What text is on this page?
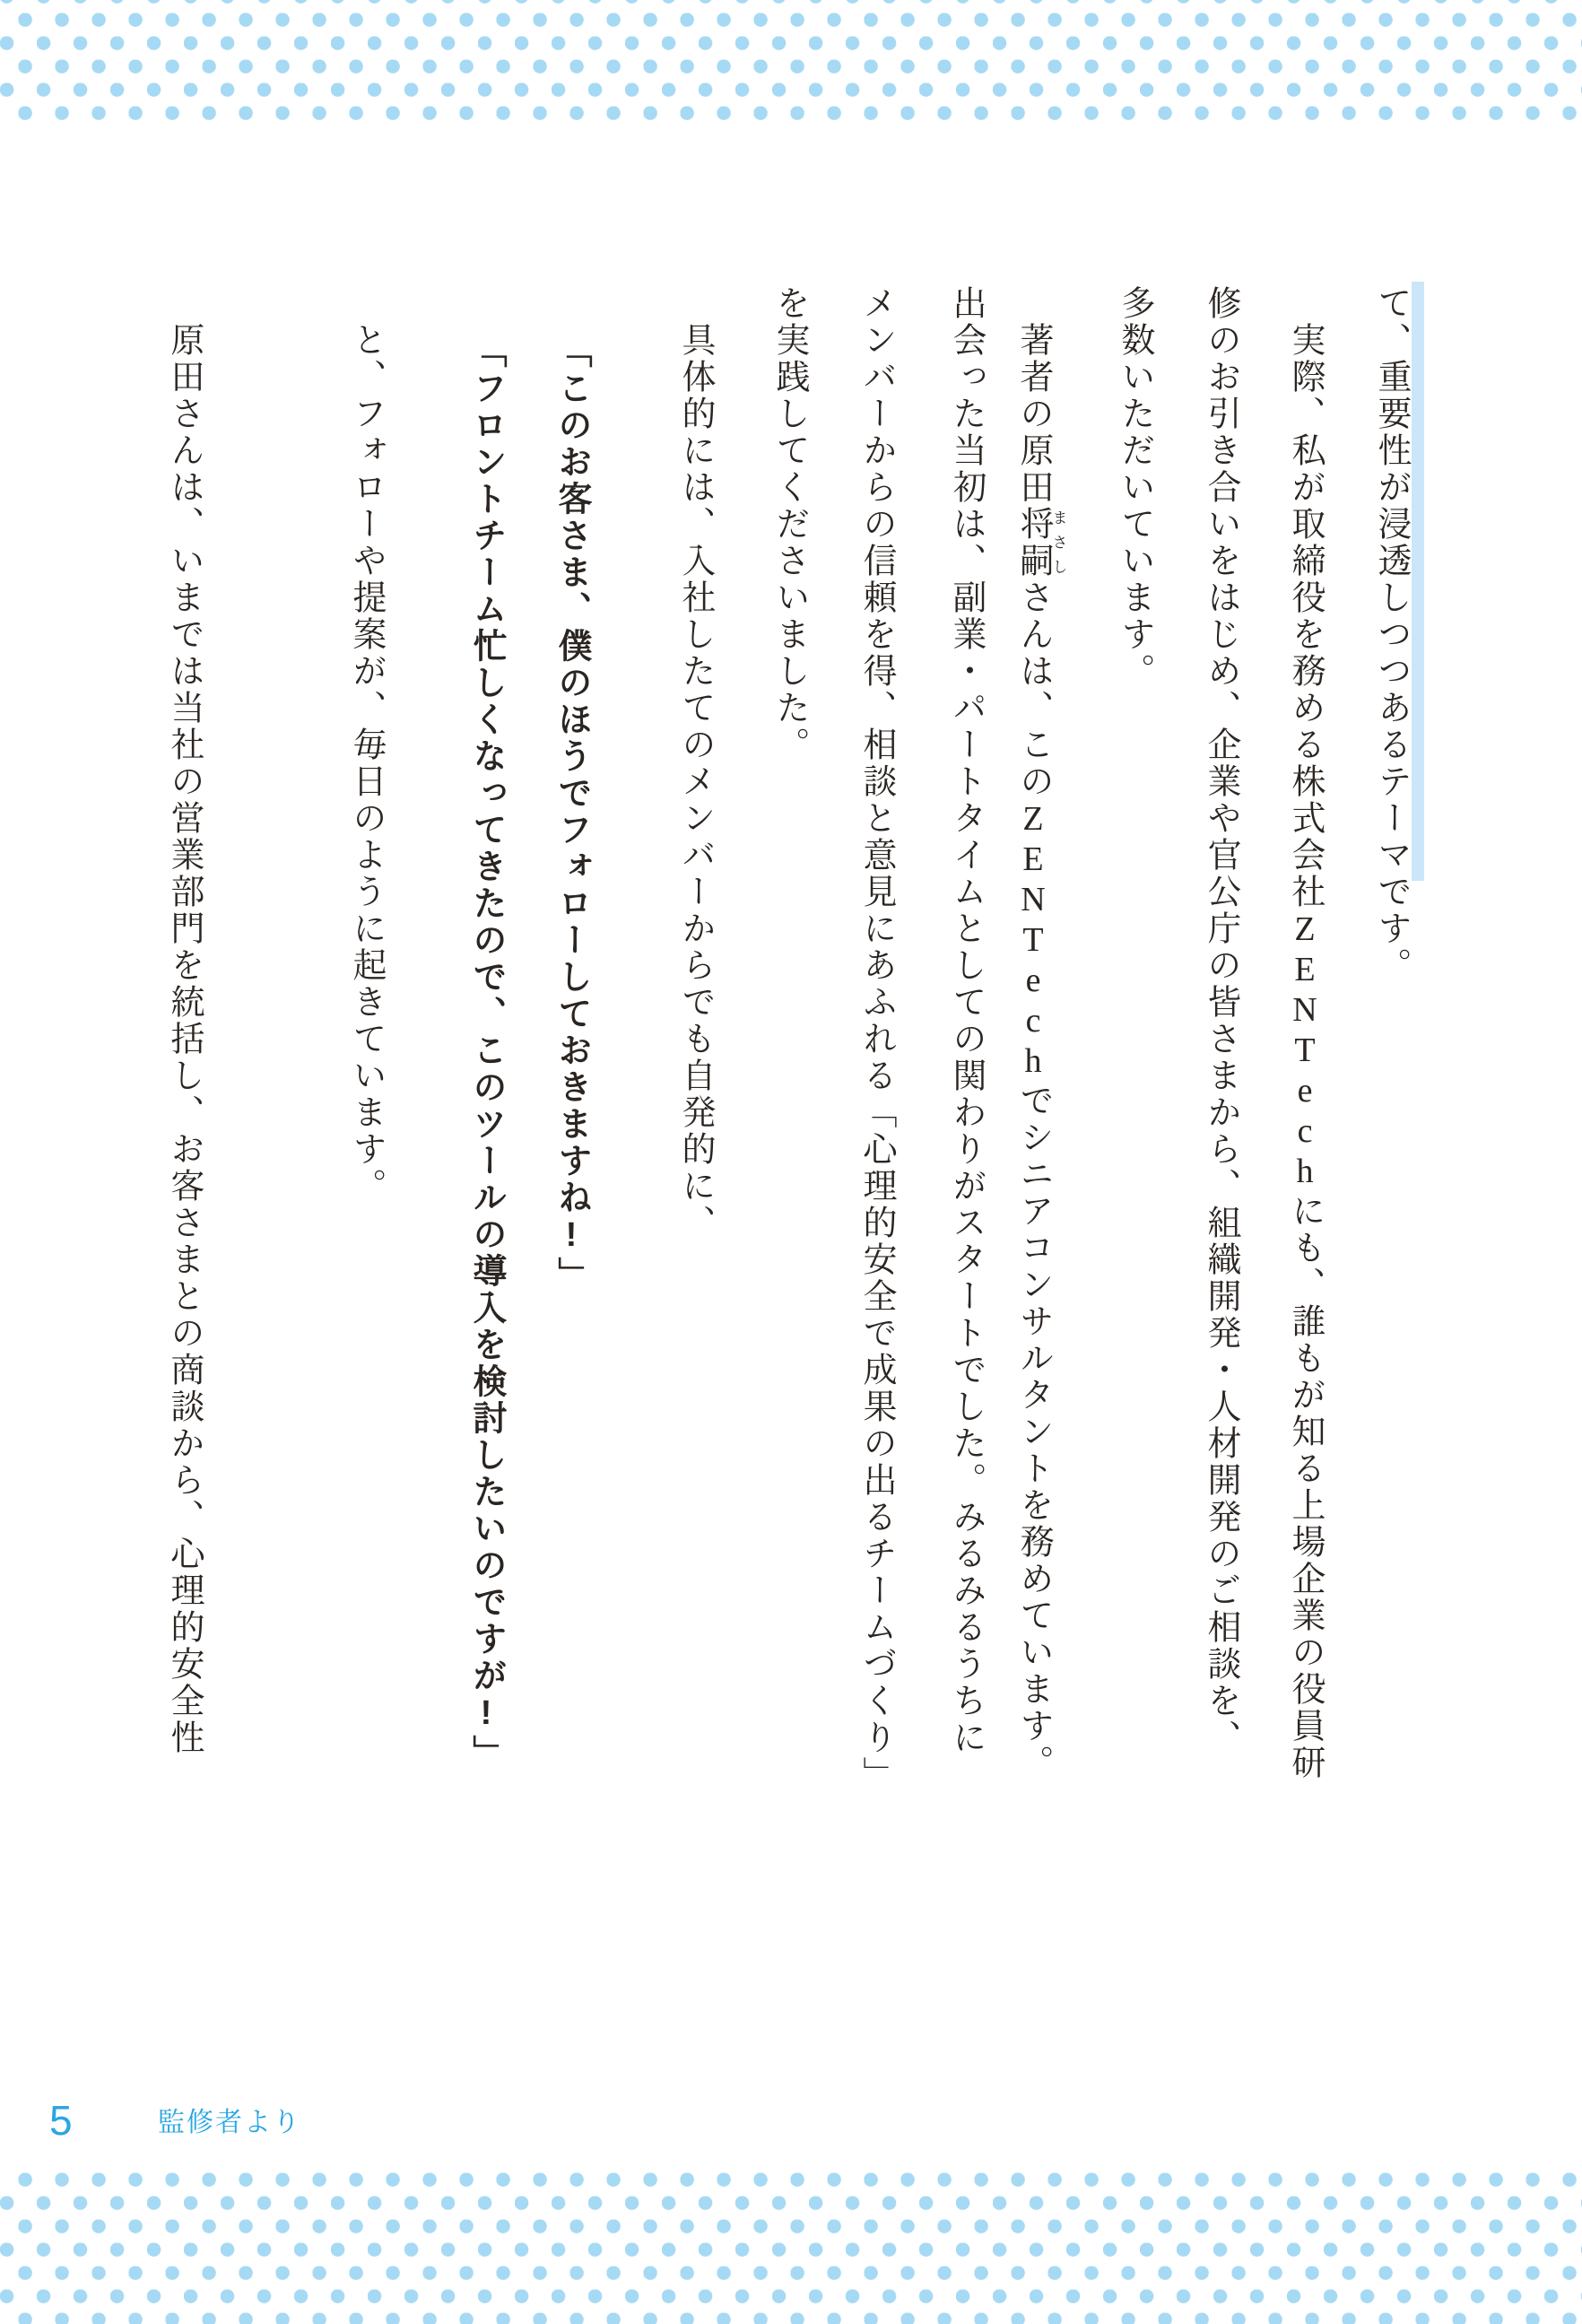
て、重要性が浸透しつつあるテーマです。
実際、私が取締役を務める株式会社ZENTechにも、誰もが知る上場企業の役員研
修のお引き合いをはじめ、企業や官公庁の皆さまから、組織開発・人材開発のご相談を、
多数いただいています。
著者の原田将嗣まさしさんは、このZENTechでシニアコンサルタントを務めています。
出会った当初は、副業・パートタイムとしての関わりがスタートでした。みるみるうちに
メンバーからの信頼を得、相談と意見にあふれる「心理的安全で成果の出るチームづくり」
を実践してくださいました。
具体的には、入社したてのメンバーからでも自発的に、
「このお客さま、僕のほうでフォローしておきますね!」
「フロントチーム忙しくなってきたので、このツールの導入を検討したいのですが!」
と、フォローや提案が、毎日のように起きています。
原田さんは、いまでは当社の営業部門を統括し、お客さまとの商談から、心理的安全性
5	監修者より
